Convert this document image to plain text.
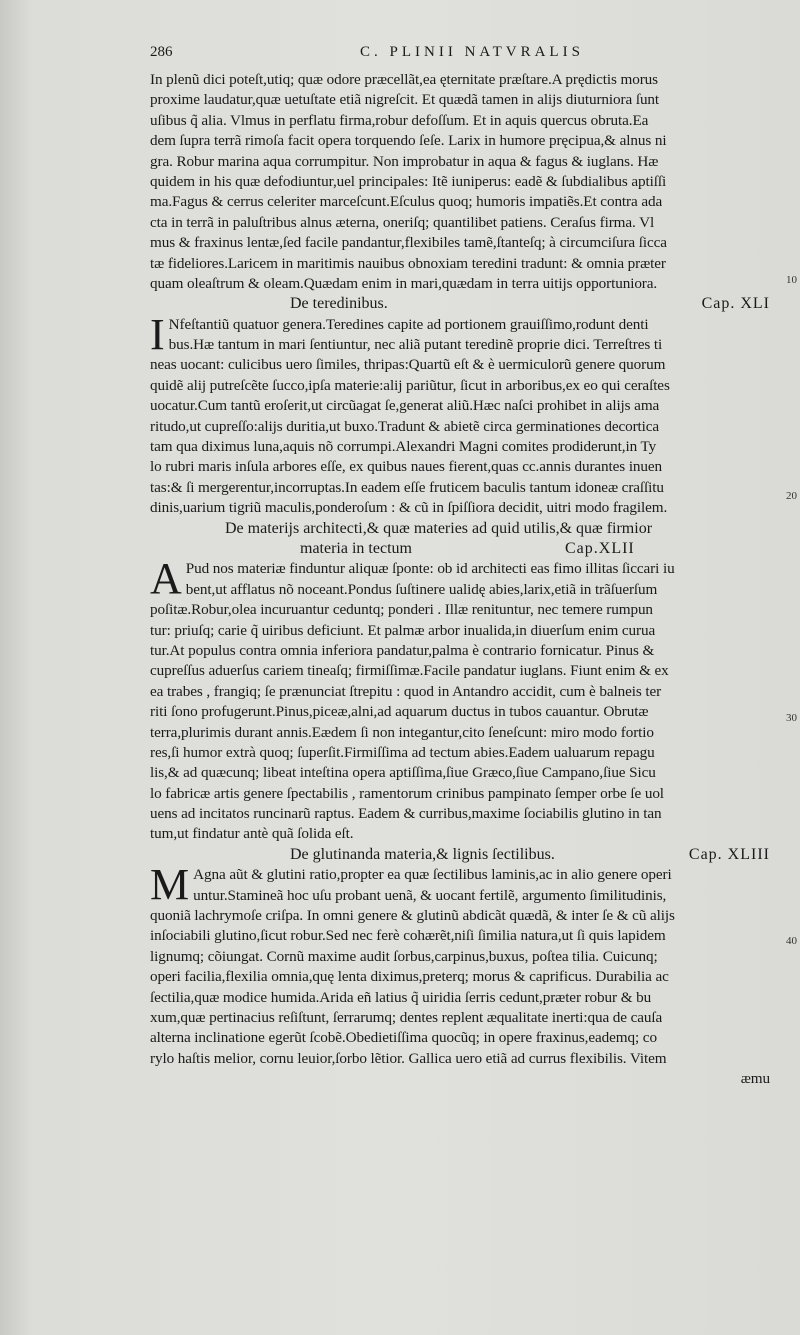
286	C. PLINII NATVRALIS
In plenũ dici poteſt,utiq; quæ odore præcellãt,ea ęternitate præſtare.A prędictis morus
proxime laudatur,quæ uetuſtate etiã nigreſcit. Et quædã tamen in alijs diuturniora ſunt
uſibus q̃ alia. Vlmus in perflatu firma,robur defoſſum. Et in aquis quercus obruta.Ea
dem ſupra terrã rimoſa facit opera torquendo ſeſe. Larix in humore pręcipua,& alnus ni
gra. Robur marina aqua corrumpitur. Non improbatur in aqua & fagus & iuglans. Hæ
quidem in his quæ defodiuntur,uel principales: Itẽ iuniperus: eadẽ & ſubdialibus aptiſſi
ma.Fagus & cerrus celeriter marceſcunt.Eſculus quoq; humoris impatiẽs.Et contra ada
cta in terrã in paluſtribus alnus æterna, oneriſq; quantilibet patiens. Ceraſus firma. Vl
mus & fraxinus lentæ,ſed facile pandantur,flexibiles tamẽ,ſtanteſq; à circumciſura ſicca
tæ fideliores.Laricem in maritimis nauibus obnoxiam teredini tradunt: & omnia præter
quam oleaſtrum & oleam.Quædam enim in mari,quædam in terra uitijs opportuniora.
De teredinibus.	Cap. XLI
I Nfeſtantiũ quatuor genera.Teredines capite ad portionem grauiſſimo,rodunt denti
bus.Hæ tantum in mari ſentiuntur, nec aliã putant teredinẽ proprie dici. Terreſtres ti
neas uocant: culicibus uero ſimiles, thripas:Quartũ eſt & è uermiculorũ genere quorum
quidẽ alij putreſcẽte ſucco,ipſa materie:alij pariũtur, ſicut in arboribus,ex eo qui ceraſtes
uocatur.Cum tantũ eroſerit,ut circũagat ſe,generat aliũ.Hæc naſci prohibet in alijs ama
ritudo,ut cupreſſo:alijs duritia,ut buxo.Tradunt & abietẽ circa germinationes decortica
tam qua diximus luna,aquis nõ corrumpi.Alexandri Magni comites prodiderunt,in Ty
lo rubri maris inſula arbores eſſe, ex quibus naues fierent,quas cc.annis durantes inuen
tas:& ſi mergerentur,incorruptas.In eadem eſſe fruticem baculis tantum idoneæ craſſitu
dinis,uarium tigriũ maculis,ponderoſum : & cũ in ſpiſſiora decidit, uitri modo fragilem.
De materijs architecti,& quæ materies ad quid utilis,& quæ firmior
materia in tectum	Cap.XLII
A Pud nos materiæ finduntur aliquæ ſponte: ob id architecti eas fimo illitas ſiccari iu
bent,ut afflatus nõ noceant.Pondus ſuſtinere ualidę abies,larix,etiã in trãſuerſum
poſitæ.Robur,olea incuruantur ceduntq; ponderi . Illæ renituntur, nec temere rumpun
tur: priuſq; carie q̃ uiribus deficiunt. Et palmæ arbor inualida,in diuerſum enim curua
tur.At populus contra omnia inferiora pandatur,palma è contrario fornicatur. Pinus &
cupreſſus aduerſus cariem tineaſq; firmiſſimæ.Facile pandatur iuglans. Fiunt enim & ex
ea trabes , frangiq; ſe prænunciat ſtrepitu : quod in Antandro accidit, cum è balneis ter
riti ſono profugerunt.Pinus,piceæ,alni,ad aquarum ductus in tubos cauantur. Obrutæ
terra,plurimis durant annis.Eædem ſi non integantur,cito ſeneſcunt: miro modo fortio
res,ſi humor extrà quoq; ſuperſit.Firmiſſima ad tectum abies.Eadem ualuarum repagu
lis,& ad quæcunq; libeat inteſtina opera aptiſſima,ſiue Græco,ſiue Campano,ſiue Sicu
lo fabricæ artis genere ſpectabilis , ramentorum crinibus pampinato ſemper orbe ſe uol
uens ad incitatos runcinarũ raptus. Eadem & curribus,maxime ſociabilis glutino in tan
tum,ut findatur antè quã ſolida eſt.
De glutinanda materia,& lignis ſectilibus.	Cap. XLIII
M Agna aũt & glutini ratio,propter ea quæ ſectilibus laminis,ac in alio genere operi
untur.Stamineã hoc uſu probant uenã, & uocant fertilẽ, argumento ſimilitudinis,
quoniã lachrymoſe criſpa. In omni genere & glutinũ abdicãt quædã, & inter ſe & cũ alijs
inſociabili glutino,ſicut robur.Sed nec ferè cohærẽt,niſi ſimilia natura,ut ſi quis lapidem
lignumq; cõiungat. Cornũ maxime audit ſorbus,carpinus,buxus, poſtea tilia. Cuicunq;
operi facilia,flexilia omnia,quę lenta diximus,preterq; morus & caprificus. Durabilia ac
ſectilia,quæ modice humida.Arida eñ latius q̃ uiridia ſerris cedunt,præter robur & bu
xum,quæ pertinacius reſiſtunt, ſerrarumq; dentes replent æqualitate inerti:qua de cauſa
alterna inclinatione egerũt ſcobẽ.Obedietiſſima quocũq; in opere fraxinus,eademq; co
rylo haſtis melior, cornu leuior,ſorbo lẽtior. Gallica uero etiã ad currus flexibilis. Vitem
æmu
10
20
30
40
